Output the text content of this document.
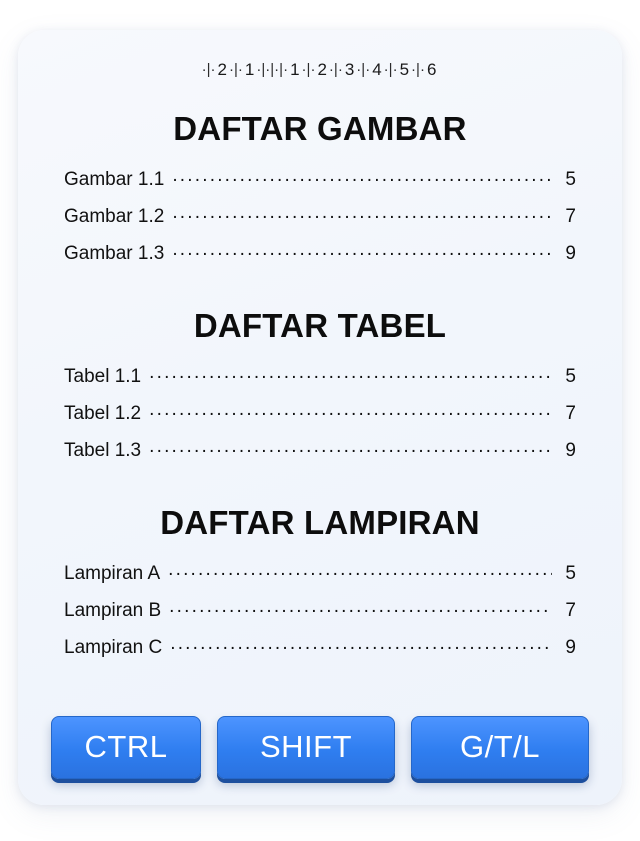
· | · 2 · | · 1 · | · | · | · 1 · | · 2 · | · 3 · | · 4 · | · 5 · | · 6
DAFTAR GAMBAR
Gambar 1.1 .....	5
Gambar 1.2 .....	7
Gambar 1.3 .....	9
DAFTAR TABEL
Tabel 1.1 .....	5
Tabel 1.2 .....	7
Tabel 1.3 .....	9
DAFTAR LAMPIRAN
Lampiran A .....	5
Lampiran B .....	7
Lampiran C .....	9
CTRL	SHIFT	G/T/L
